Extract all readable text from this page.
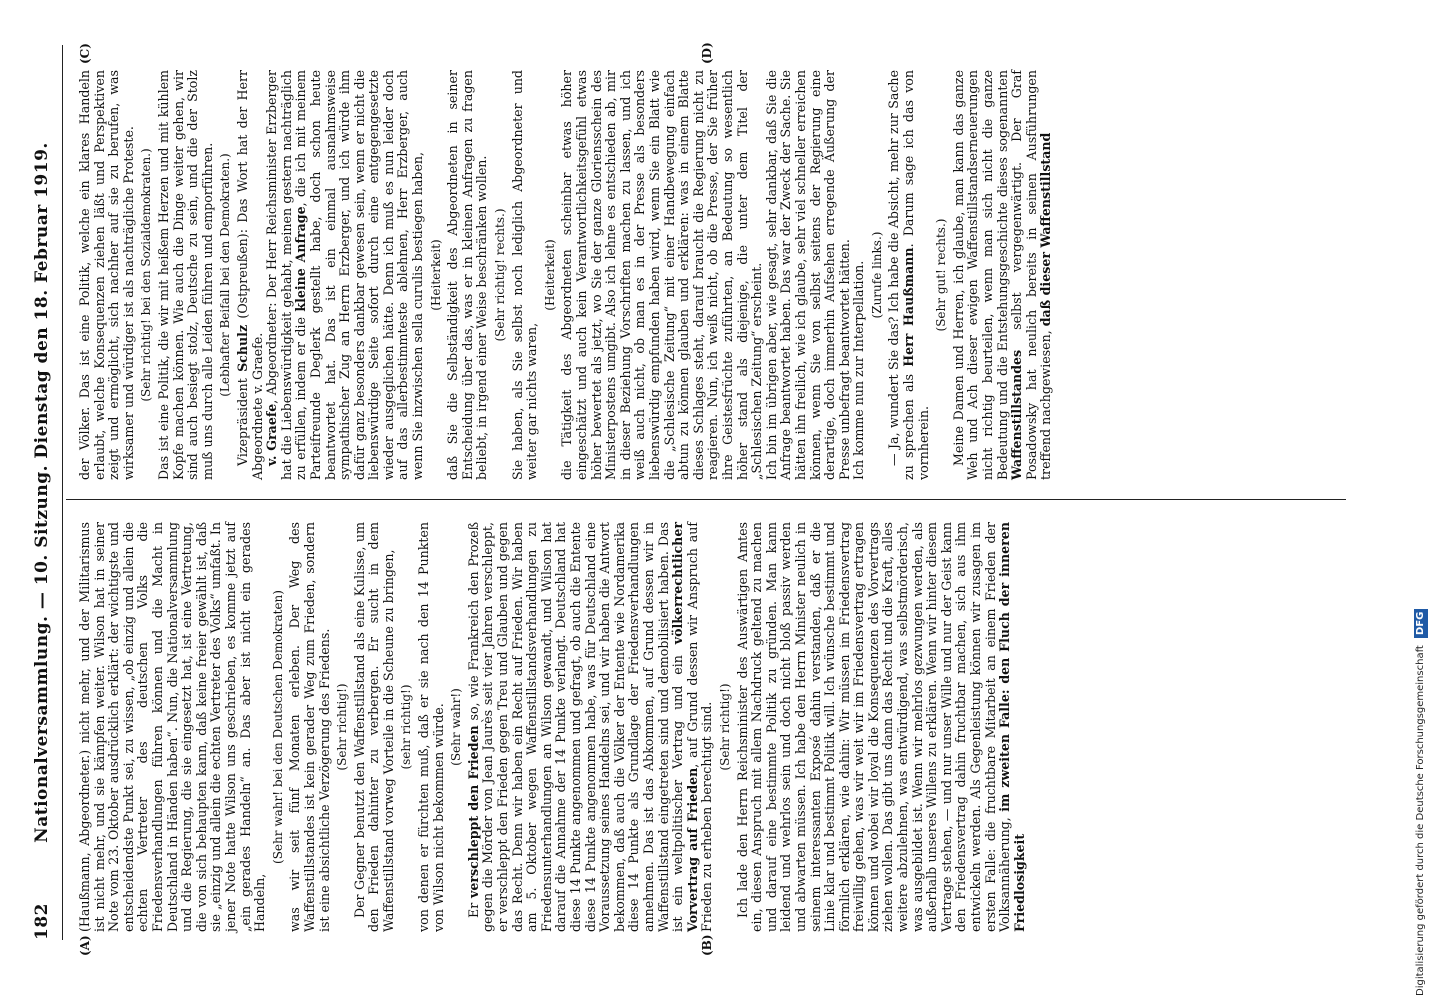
182
Nationalversammlung. — 10. Sitzung. Dienstag den 18. Februar 1919.
(A)	(B)
(C)	(D)

(Haußmann, Abgeordneter.) nicht mehr, und der Militarismus ist nicht mehr, und sie kämpfen weiter. Wilson hat in seiner Note vom 23. Oktober ausdrücklich erklärt: der wichtigste und entscheidendste Punkt sei, zu wissen, „ob einzig und allein die echten Vertreter des deutschen Volks die Friedensverhandlungen führen können und die Macht in Deutschland in Händen haben“. Nun, die Nationalversammlung und die Regierung, die sie eingesetzt hat, ist eine Vertretung, die von sich behaupten kann, daß keine freier gewählt ist, daß sie „einzig und allein die echten Vertreter des Volks“ umfaßt. In jener Note hatte Wilson uns geschrieben, es komme jetzt auf „ein gerades Handeln“ an. Das aber ist nicht ein gerades Handeln,

(Sehr wahr! bei den Deutschen Demokraten) was wir seit fünf Monaten erleben. Der Weg des Waffenstillstandes ist kein gerader Weg zum Frieden, sondern ist eine absichtliche Verzögerung des Friedens. (Sehr richtig!) Der Gegner benutzt den Waffenstillstand als eine Kulisse, um den Frieden dahinter zu verbergen. Er sucht in dem Waffenstillstand vorweg Vorteile in die Scheune zu bringen, (sehr richtig!) von denen er fürchten muß, daß er sie nach den 14 Punkten von Wilson nicht bekommen würde. (Sehr wahr!)

Er verschleppt den Frieden so, wie Frankreich den Prozeß gegen die Mörder von Jean Jaurès seit vier Jahren verschleppt, er verschleppt den Frieden gegen Treu und Glauben und gegen das Recht. Denn wir haben ein Recht auf Frieden. Wir haben am 5. Oktober wegen Waffenstillstandsverhandlungen zu Friedensunterhandlungen an Wilson gewandt, und Wilson hat darauf die Annahme der 14 Punkte verlangt. Deutschland hat diese 14 Punkte angenommen und gefragt, ob auch die Entente diese 14 Punkte angenommen habe, was für Deutschland eine Voraussetzung seines Handelns sei, und wir haben die Antwort bekommen, daß auch die Völker der Entente wie Nordamerika diese 14 Punkte als Grundlage der Friedensverhandlungen annehmen. Das ist das Abkommen, auf Grund dessen wir in Waffenstillstand eingetreten sind und demobilisiert haben. Das ist ein weltpolitischer Vertrag und ein völkerrechtlicher Vorvertrag auf Frieden, auf Grund dessen wir Anspruch auf Frieden zu erheben berechtigt sind. (Sehr richtig!) Ich lade den Herrn Reichsminister des Auswärtigen Amtes ein, diesen Anspruch mit allem Nachdruck geltend zu machen und darauf eine bestimmte Politik zu gründen. Man kann leidend und wehrlos sein und doch nicht bloß passiv werden und abwarten müssen. Ich habe den Herrn Minister neulich in seinem interessanten Exposé dahin verstanden, daß er die Linie klar und bestimmt Politik will. Ich wünsche bestimmt und förmlich erklären, wie dahin: Wir müssen im Friedensvertrag freiwillig gehen, was wir weit wir im Friedensvertrag ertragen können und wobei wir loyal die Konsequenzen des Vorvertrags ziehen wollen. Das gibt uns dann das Recht und die Kraft, alles weitere abzulehnen, was entwürdigend, was selbstmörderisch, was ausgebildet ist. Wenn wir mehrlos gezwungen werden, als außerhalb unseres Willens zu erklären. Wenn wir hinter diesem Vertrage stehen, — und nur unser Wille und nur der Geist kann den Friedensvertrag dahin fruchtbar machen, sich aus ihm entwickeln werden. Als Gegenleistung können wir zusagen im ersten Falle: die fruchtbare Mitarbeit an einem Frieden der Volksannäherung, im zweiten Falle: den Fluch der inneren Friedlosigkeit

der Völker. Das ist eine Politik, welche ein klares Handeln erlaubt, welche Konsequenzen ziehen läßt und Perspektiven zeigt und ermöglicht, sich nachher auf sie zu berufen, was wirksamer und würdiger ist als nachträgliche Proteste. (Sehr richtig! bei den Sozialdemokraten.) Das ist eine Politik, die wir mit heißem Herzen und mit kühlem Kopfe machen können. Wie auch die Dinge weiter gehen, wir sind auch besiegt stolz, Deutsche zu sein, und die der Stolz muß uns durch alle Leiden führen und emporführen. (Lebhafter Beifall bei den Demokraten.)

Vizepräsident Schulz (Ostpreußen): Das Wort hat der Herr Abgeordnete v. Graefe. v. Graefe, Abgeordneter: Der Herr Reichsminister Erzberger hat die Liebenswürdigkeit gehabt, meinen gestern nachträglich zu erfüllen, indem er die kleine Anfrage, die ich mit meinem Parteifreunde Deglerk gestellt habe, doch schon heute beantwortet hat. Das ist ein einmal ausnahmsweise sympathischer Zug an Herrn Erzberger, und ich würde ihm dafür ganz besonders dankbar gewesen sein, wenn er nicht die liebenswürdige Seite sofort durch eine entgegengesetzte wieder ausgeglichen hätte. Denn ich muß es nun leider doch auf das allerbestimmteste ablehnen, Herr Erzberger, auch wenn Sie inzwischen sella curulis bestiegen haben, (Heiterkeit) daß Sie die Selbständigkeit des Abgeordneten in seiner Entscheidung über das, was er in kleinen Anfragen zu fragen beliebt, in irgend einer Weise beschränken wollen. (Sehr richtig! rechts.) Sie haben, als Sie selbst noch lediglich Abgeordneter und weiter gar nichts waren,

(Heiterkeit) die Tätigkeit des Abgeordneten scheinbar etwas höher eingeschätzt und auch kein Verantwortlichkeitsgefühl etwas höher bewertet als jetzt, wo Sie der ganze Gloriensschein des Ministerpostens umgibt. Also ich lehne es entschieden ab, mir in dieser Beziehung Vorschriften machen zu lassen, und ich weiß auch nicht, ob man es in der Presse als besonders liebenswürdig empfunden haben wird, wenn Sie ein Blatt wie die „Schlesische Zeitung“ mit einer Handbewegung einfach abtun zu können glauben und erklären: was in einem Blatte dieses Schlages steht, darauf braucht die Regierung nicht zu reagieren. Nun, ich weiß nicht, ob die Presse, der Sie früher ihre Geistesfrüchte zuführten, an Bedeutung so wesentlich höher stand als diejenige, die unter dem Titel der „Schlesischen Zeitung“ erscheint. Ich bin im übrigen aber, wie gesagt, sehr dankbar, daß Sie die Anfrage beantwortet haben. Das war der Zweck der Sache. Sie hätten ihn freilich, wie ich glaube, sehr viel schneller erreichen können, wenn Sie von selbst seitens der Regierung eine derartige, doch immerhin Aufsehen erregende Äußerung der Presse unbefragt beantwortet hätten. Ich komme nun zur Interpellation. (Zurufe links.) — Ja, wundert Sie das? Ich habe die Absicht, mehr zur Sache zu sprechen als Herr Haußmann. Darum sage ich das von vornherein.

(Sehr gut! rechts.) Meine Damen und Herren, ich glaube, man kann das ganze Weh und Ach dieser ewigen Waffenstillstandserneuerungen nicht richtig beurteilen, wenn man sich nicht die ganze Bedeutung und die Entstehungsgeschichte dieses sogenannten Waffenstillstandes selbst vergegenwärtigt. Der Graf Posadowsky hat neulich bereits in seinen Ausführungen treffend nachgewiesen, daß dieser Waffenstillstand

Digitalisierung gefördert durch die Deutsche Forschungsgemeinschaft DFG
